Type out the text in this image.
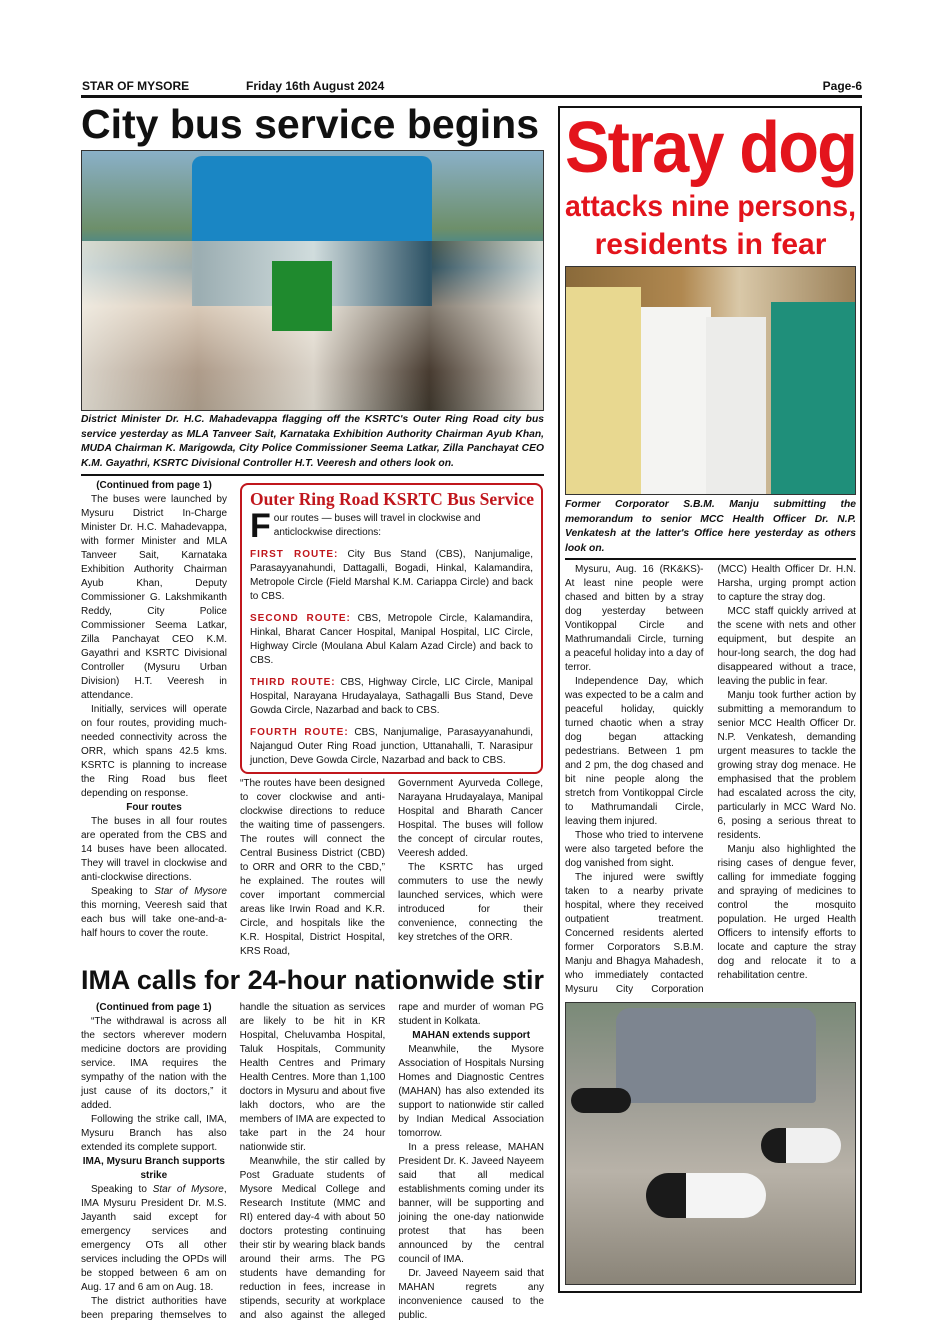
STAR OF MYSORE	Friday 16th August 2024	Page-6
City bus service begins
District Minister Dr. H.C. Mahadevappa flagging off the KSRTC's Outer Ring Road city bus service yesterday as MLA Tanveer Sait, Karnataka Exhibition Authority Chairman Ayub Khan, MUDA Chairman K. Marigowda, City Police Commissioner Seema Latkar, Zilla Panchayat CEO K.M. Gayathri, KSRTC Divisional Controller H.T. Veeresh and others look on.

(Continued from page 1)

The buses were launched by Mysuru District In-Charge Minister Dr. H.C. Mahadevappa, with former Minister and MLA Tanveer Sait, Karnataka Exhibition Authority Chairman Ayub Khan, Deputy Commissioner G. Lakshmikanth Reddy, City Police Commissioner Seema Latkar, Zilla Panchayat CEO K.M. Gayathri and KSRTC Divisional Controller (Mysuru Urban Division) H.T. Veeresh in attendance.

Initially, services will operate on four routes, providing much-needed connectivity across the ORR, which spans 42.5 kms. KSRTC is planning to increase the Ring Road bus fleet depending on response.

Four routes

The buses in all four routes are operated from the CBS and 14 buses have been allocated. They will travel in clockwise and anti-clockwise directions.

Speaking to Star of Mysore this morning, Veeresh said that each bus will take one-and-a-half hours to cover the route.

Outer Ring Road KSRTC Bus Service
Four routes — buses will travel in clockwise and anticlockwise directions:
FIRST ROUTE: City Bus Stand (CBS), Nanjumalige, Parasayyanahundi, Dattagalli, Bogadi, Hinkal, Kalamandira, Metropole Circle (Field Marshal K.M. Cariappa Circle) and back to CBS.
SECOND ROUTE: CBS, Metropole Circle, Kalamandira, Hinkal, Bharat Cancer Hospital, Manipal Hospital, LIC Circle, Highway Circle (Moulana Abul Kalam Azad Circle) and back to CBS.
THIRD ROUTE: CBS, Highway Circle, LIC Circle, Manipal Hospital, Narayana Hrudayalaya, Sathagalli Bus Stand, Deve Gowda Circle, Nazarbad and back to CBS.
FOURTH ROUTE: CBS, Nanjumalige, Parasayyanahundi, Najangud Outer Ring Road junction, Uttanahalli, T. Narasipur junction, Deve Gowda Circle, Nazarbad and back to CBS.

“The routes have been designed to cover clockwise and anti-clockwise directions to reduce the waiting time of passengers. The routes will connect the Central Business District (CBD) to ORR and ORR to the CBD,” he explained. The routes will cover important commercial areas like Irwin Road and K.R. Circle, and hospitals like the K.R. Hospital, District Hospital, KRS Road,

Government Ayurveda College, Narayana Hrudayalaya, Manipal Hospital and Bharath Cancer Hospital. The buses will follow the concept of circular routes, Veeresh added.

The KSRTC has urged commuters to use the newly launched services, which were introduced for their convenience, connecting the key stretches of the ORR.

IMA calls for 24-hour nationwide stir

(Continued from page 1)

“The withdrawal is across all the sectors wherever modern medicine doctors are providing service. IMA requires the sympathy of the nation with the just cause of its doctors,” it added.

Following the strike call, IMA, Mysuru Branch has also extended its complete support.

IMA, Mysuru Branch supports strike

Speaking to Star of Mysore, IMA Mysuru President Dr. M.S. Jayanth said except for emergency services and emergency OTs all other services including the OPDs will be stopped between 6 am on Aug. 17 and 6 am on Aug. 18.

The district authorities have been preparing themselves to handle the situation as services are likely to be hit in KR Hospital, Cheluvamba Hospital, Taluk Hospitals, Community Health Centres and Primary Health Centres. More than 1,100 doctors in Mysuru and about five lakh doctors, who are the members of IMA are expected to take part in the 24 hour nationwide stir.

Meanwhile, the stir called by Post Graduate students of Mysore Medical College and Research Institute (MMC and RI) entered day-4 with about 50 doctors protesting continuing their stir by wearing black bands around their arms. The PG students have demanding for reduction in fees, increase in stipends, security at workplace and also against the alleged rape and murder of woman PG student in Kolkata.

MAHAN extends support

Meanwhile, the Mysore Association of Hospitals Nursing Homes and Diagnostic Centres (MAHAN) has also extended its support to nationwide stir called by Indian Medical Association tomorrow.

In a press release, MAHAN President Dr. K. Javeed Nayeem said that all medical establishments coming under its banner, will be supporting and joining the one-day nationwide protest that has been announced by the central council of IMA.

Dr. Javeed Nayeem said that MAHAN regrets any inconvenience caused to the public.

Stray dog
attacks nine persons,
residents in fear
Former Corporator S.B.M. Manju submitting the memorandum to senior MCC Health Officer Dr. N.P. Venkatesh at the latter's Office here yesterday as others look on.

Mysuru, Aug. 16 (RK&KS)- At least nine people were chased and bitten by a stray dog yesterday between Vontikoppal Circle and Mathrumandali Circle, turning a peaceful holiday into a day of terror.

Independence Day, which was expected to be a calm and peaceful holiday, quickly turned chaotic when a stray dog began attacking pedestrians. Between 1 pm and 2 pm, the dog chased and bit nine people along the stretch from Vontikoppal Circle to Mathrumandali Circle, leaving them injured.

Those who tried to intervene were also targeted before the dog vanished from sight.

The injured were swiftly taken to a nearby private hospital, where they received outpatient treatment. Concerned residents alerted former Corporators S.B.M. Manju and Bhagya Mahadesh, who immediately contacted Mysuru City Corporation (MCC) Health Officer Dr. H.N. Harsha, urging prompt action to capture the stray dog.

MCC staff quickly arrived at the scene with nets and other equipment, but despite an hour-long search, the dog had disappeared without a trace, leaving the public in fear.

Manju took further action by submitting a memorandum to senior MCC Health Officer Dr. N.P. Venkatesh, demanding urgent measures to tackle the growing stray dog menace. He emphasised that the problem had escalated across the city, particularly in MCC Ward No. 6, posing a serious threat to residents.

Manju also highlighted the rising cases of dengue fever, calling for immediate fogging and spraying of medicines to control the mosquito population. He urged Health Officers to intensify efforts to locate and capture the stray dog and relocate it to a rehabilitation centre.
